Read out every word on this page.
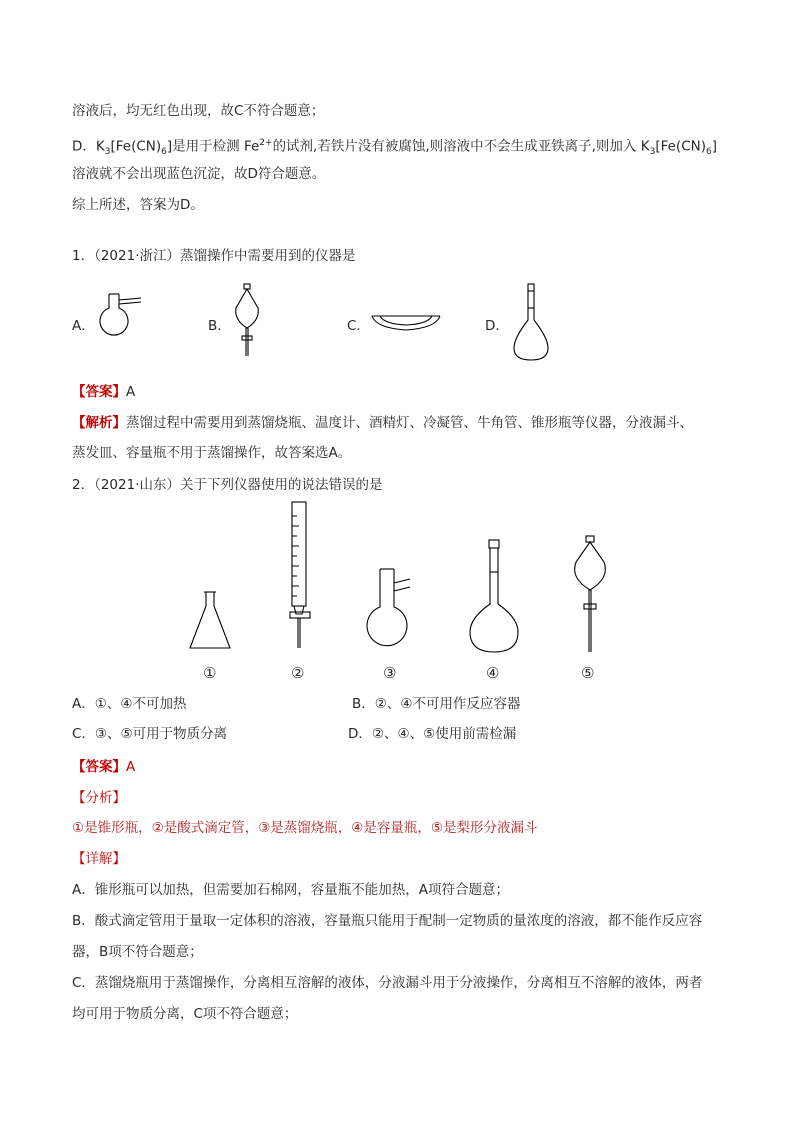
溶液后，均无红色出现，故C不符合题意；
D．$K_3[Fe(CN)_6]$是用于检测 $Fe^{2+}$的试剂,若铁片没有被腐蚀,则溶液中不会生成亚铁离子,则加入 $K_3[Fe(CN)_6]$
溶液就不会出现蓝色沉淀，故D符合题意。
综上所述，答案为D。
1．（2021·浙江）蒸馏操作中需要用到的仪器是
A．	B．	C．	D．
【答案】A
【解析】蒸馏过程中需要用到蒸馏烧瓶、温度计、酒精灯、冷凝管、牛角管、锥形瓶等仪器，分液漏斗、
蒸发皿、容量瓶不用于蒸馏操作，故答案选A。
2．（2021·山东）关于下列仪器使用的说法错误的是
①	②	③	④	⑤
A．①、④不可加热	B．②、④不可用作反应容器
C．③、⑤可用于物质分离	D．②、④、⑤使用前需检漏
【答案】A
【分析】
①是锥形瓶，②是酸式滴定管，③是蒸馏烧瓶，④是容量瓶，⑤是梨形分液漏斗
【详解】
A．锥形瓶可以加热，但需要加石棉网，容量瓶不能加热，A项符合题意；
B．酸式滴定管用于量取一定体积的溶液，容量瓶只能用于配制一定物质的量浓度的溶液，都不能作反应容
器，B项不符合题意；
C．蒸馏烧瓶用于蒸馏操作，分离相互溶解的液体，分液漏斗用于分液操作，分离相互不溶解的液体，两者
均可用于物质分离，C项不符合题意；
